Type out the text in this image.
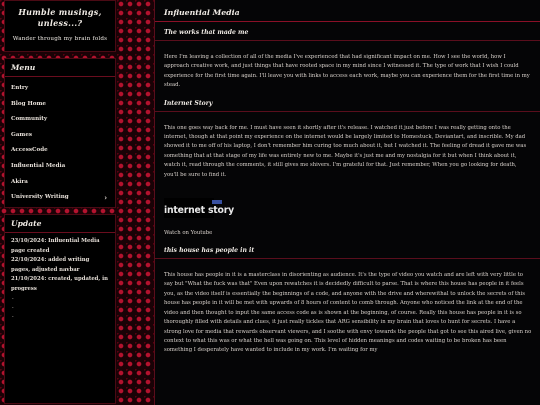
Humble musings,
unless...?
Wander through my brain folds
Menu
Entry
Blog Home
Community
Games
AccessCode
Influential Media
Akira
University Writing	›
Update
23/10/2024: Influential Media page created
22/10/2024: added writing pages, adjusted navbar
21/10/2024: created, updated, in progress
.
.
.
Influential Media
The works that made me
Here I'm leaving a collection of all of the media I've experienced that had significant impact on me. How I see the world, how I approach creative work, and just things that have rooted space in my mind since I witnessed it. The type of work that I wish I could experience for the first time again. I'll leave you with links to access each work, maybe you can experience them for the first time in my stead.
Internet Story
This one goes way back for me. I must have seen it shortly after it's release. I watched it just before I was really getting onto the internet, though at that point my experience on the internet would be largely limited to Homestuck, Deviantart, and inscrible. My dad showed it to me off of his laptop, I don't remember him curing too much about it, but I watched it. The feeling of dread it gave me was something that at that stage of my life was entirely new to me. Maybe it's just me and my nostalgia for it but when I think about it, watch it, read through the comments, it still gives me shivers. I'm grateful for that. Just remember, When you go looking for death, you'll be sure to find it.
internet story
Watch on Youtube
this house has people in it
This house has people in it is a masterclass in disorienting as audience. It's the type of video you watch and are left with very little to say but "What the fuck was that" Even upon rewatches it is decidedly difficult to parse. That is where this house has people in it feels you, as the video itself is essentially the beginnings of a code, and anyone with the drive and wherewithal to unlock the secrets of this house has people in it will be met with upwards of 8 hours of content to comb through. Anyone who noticed the link at the end of the video and then thought to input the same access code as is shown at the beginning, of course. Really this house has people in it is so thoroughly filled with details and clues, it just really tickles that ARG sensibility in my brain that loves to hunt for secrets. I have a strong love for media that rewards observant viewers, and I soothe with envy towards the people that got to see this aired live, given no context to what this was or what the hell was going on. This level of hidden meanings and codes waiting to be broken has been something I desperately have wanted to include in my work. I'm waiting for my
